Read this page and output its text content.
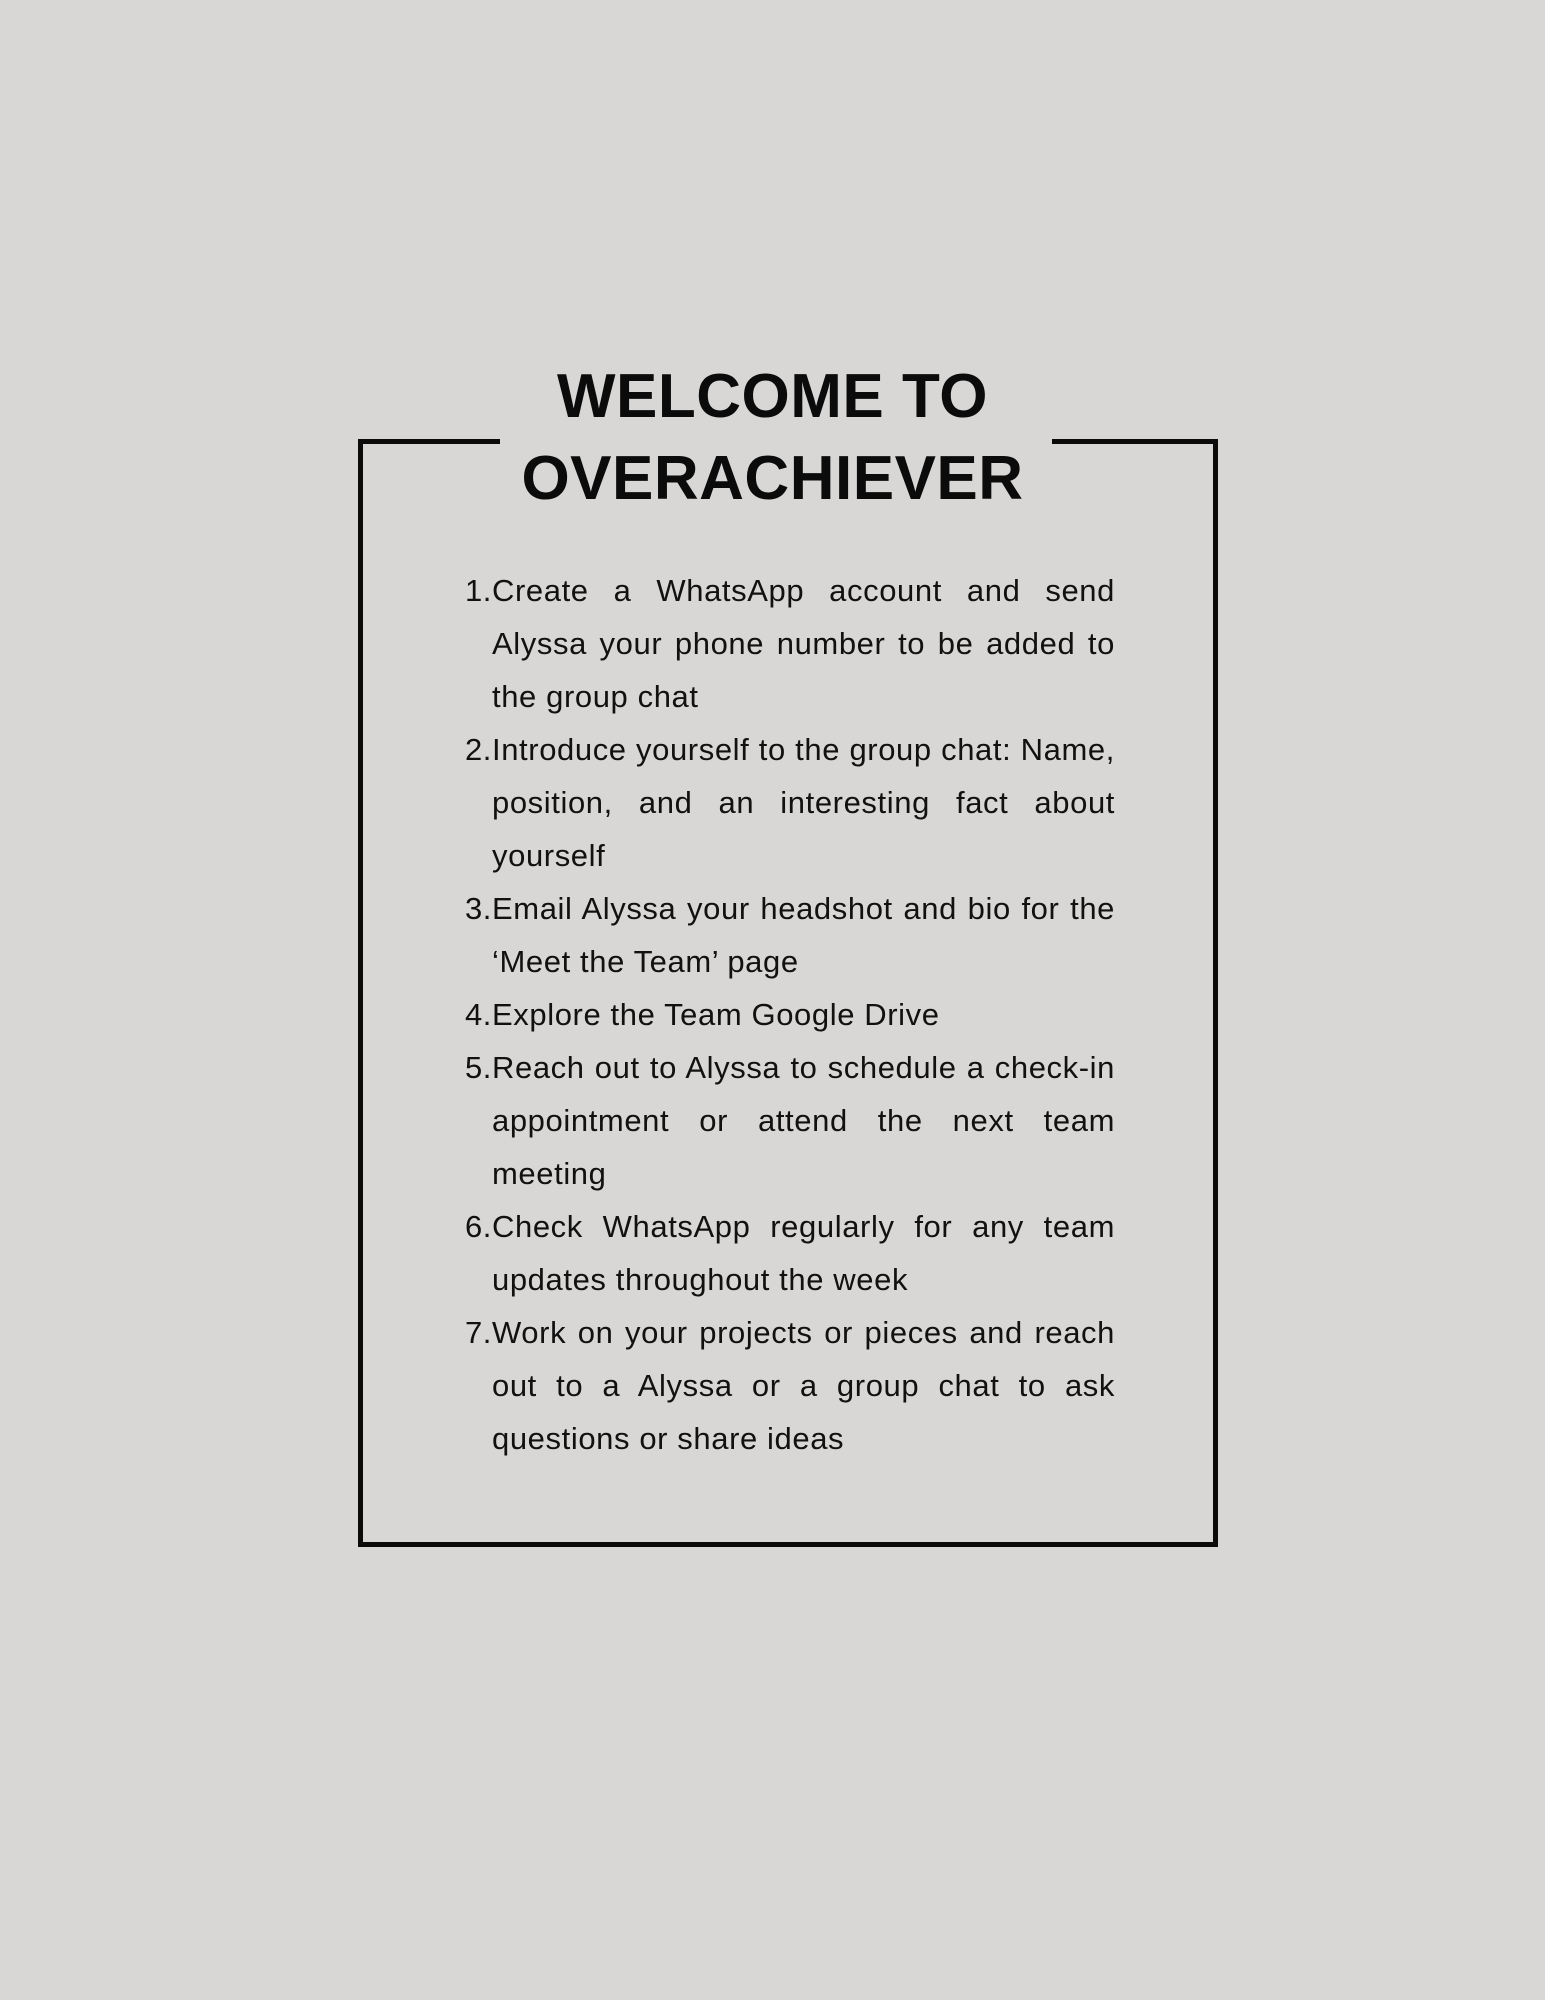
WELCOME TO
OVERACHIEVER
1. Create a WhatsApp account and send Alyssa your phone number to be added to the group chat
2. Introduce yourself to the group chat: Name, position, and an interesting fact about yourself
3. Email Alyssa your headshot and bio for the ‘Meet the Team’ page
4. Explore the Team Google Drive
5. Reach out to Alyssa to schedule a check-in appointment or attend the next team meeting
6. Check WhatsApp regularly for any team updates throughout the week
7. Work on your projects or pieces and reach out to a Alyssa or a group chat to ask questions or share ideas
